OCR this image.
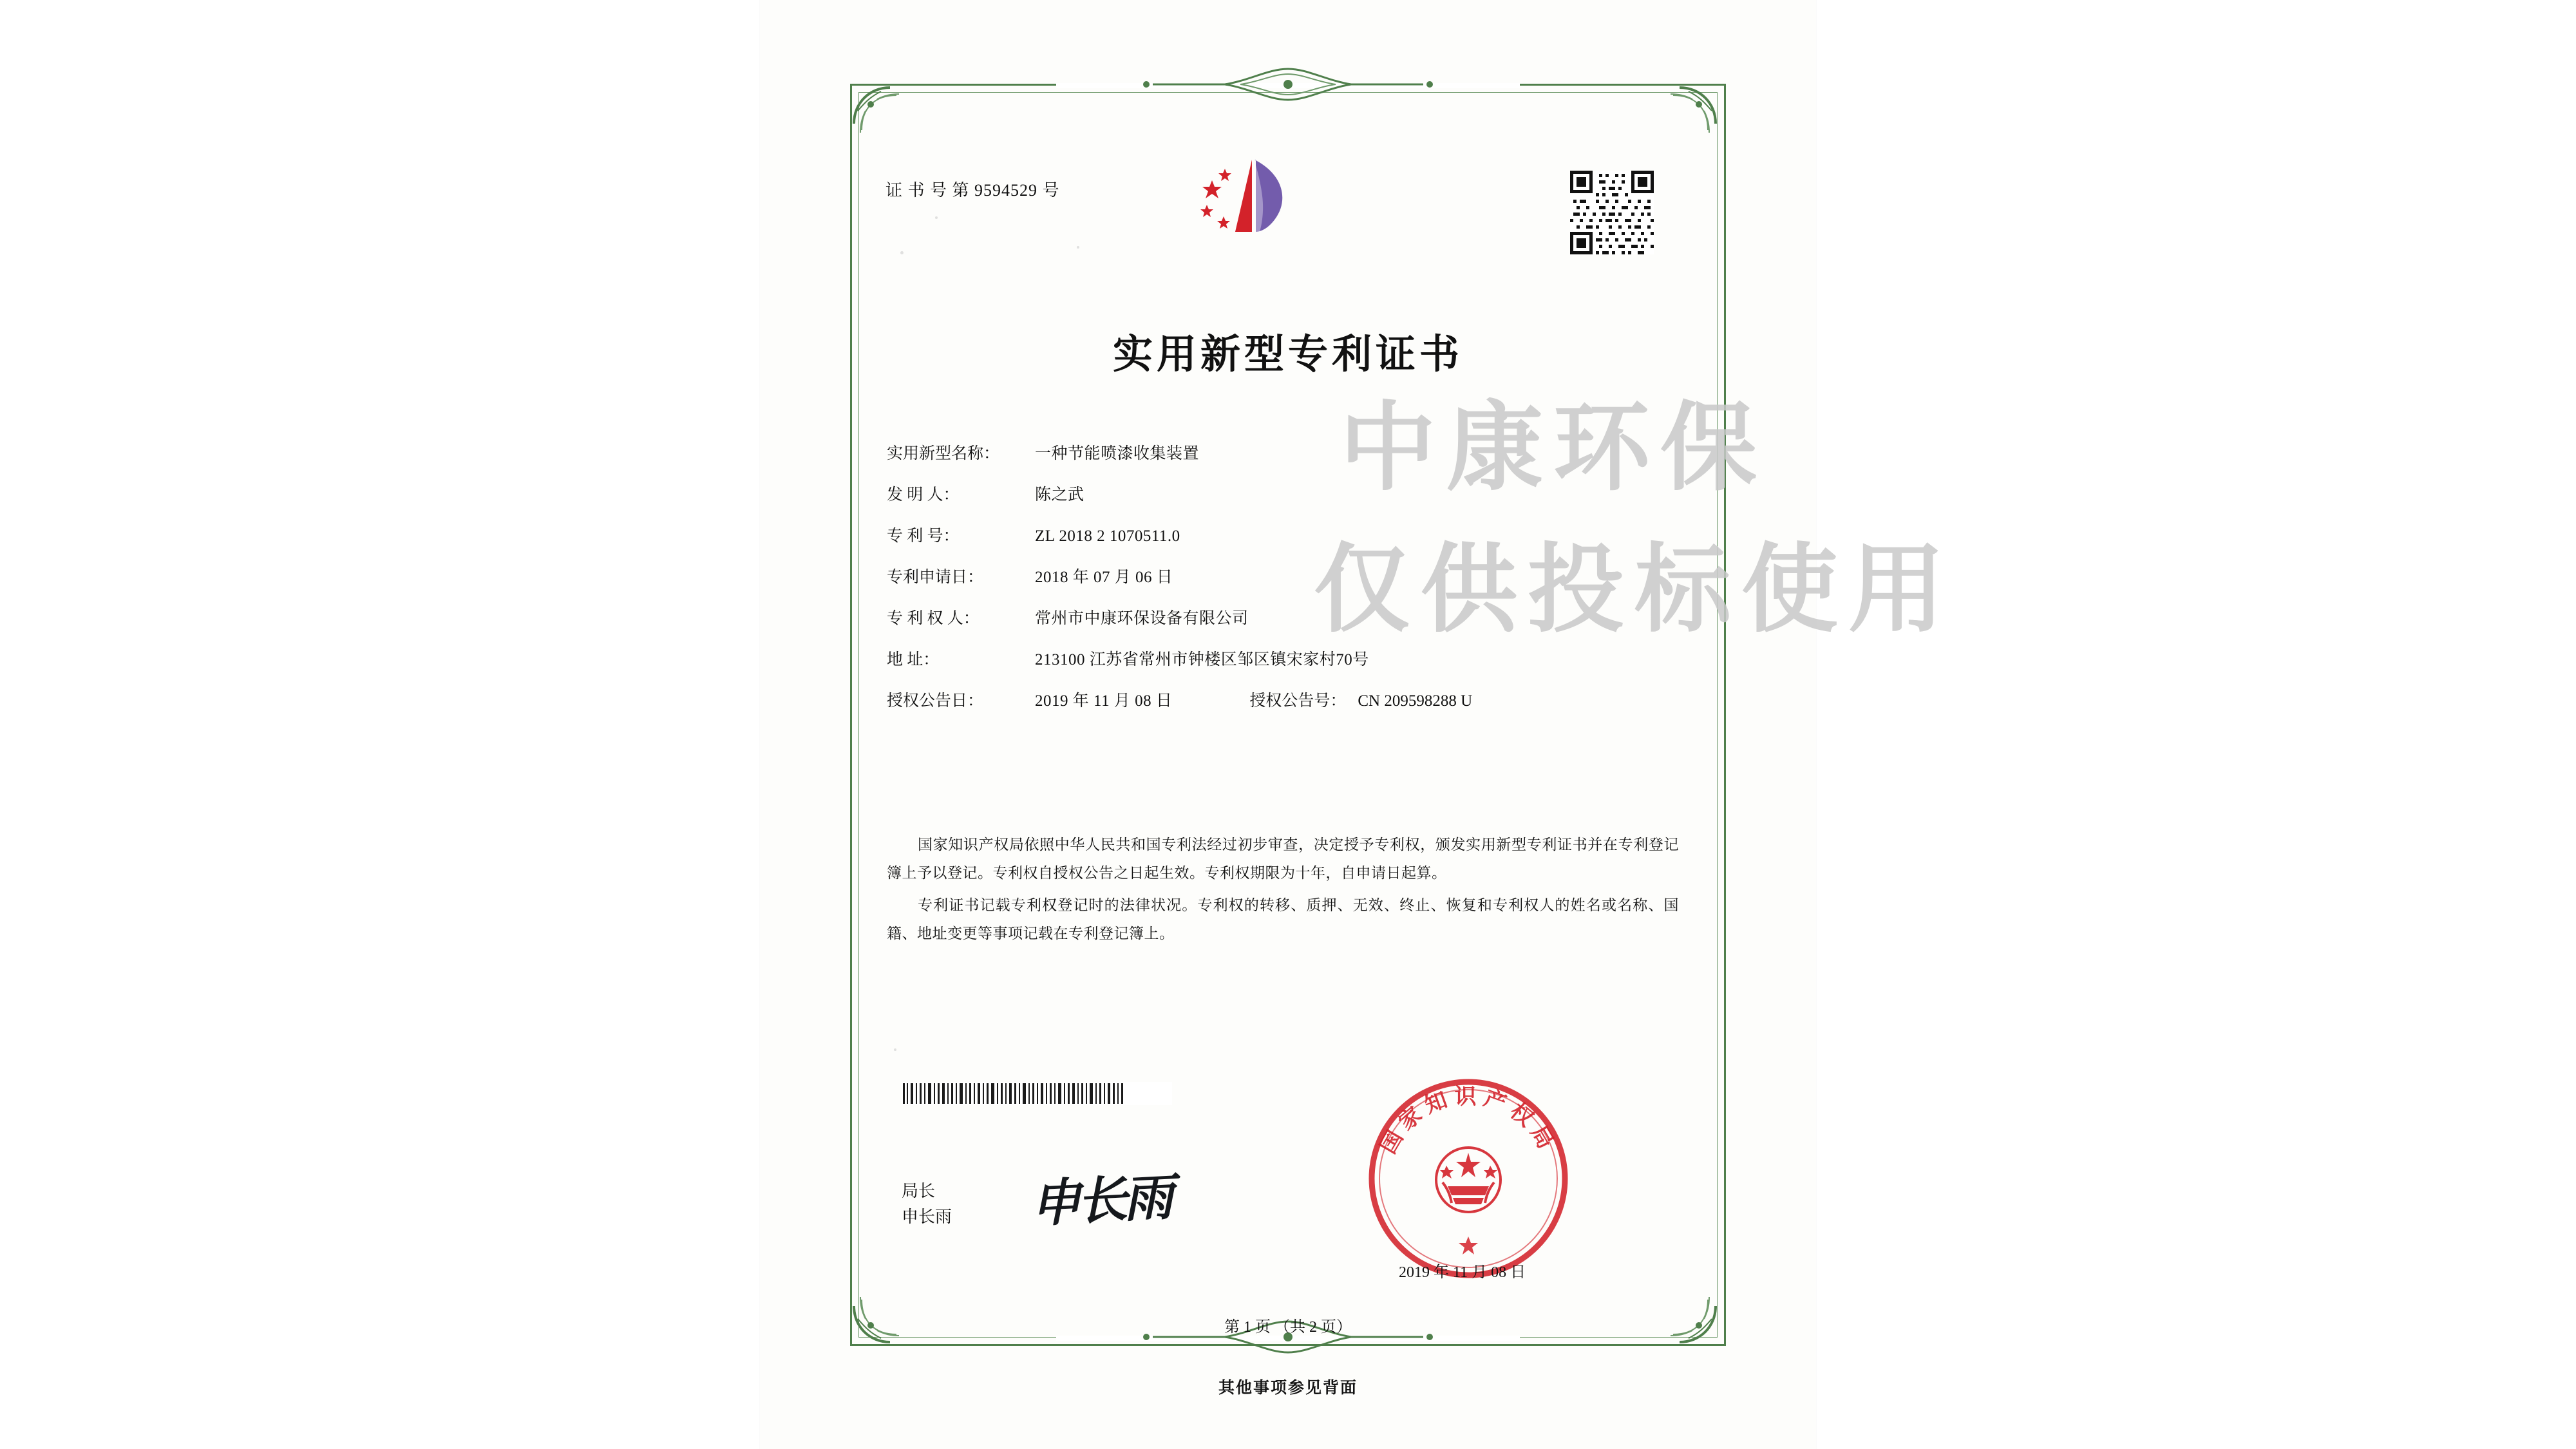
证 书 号 第 9594529 号
实用新型专利证书
实用新型名称：	一种节能喷漆收集装置
发 明 人：	陈之武
专 利 号：	ZL 2018 2 1070511.0
专利申请日：	2018 年 07 月 06 日
专 利 权 人：	常州市中康环保设备有限公司
地 址：	213100 江苏省常州市钟楼区邹区镇宋家村70号
授权公告日：	2019 年 11 月 08 日	授权公告号： CN 209598288 U

国家知识产权局依照中华人民共和国专利法经过初步审查，决定授予专利权，颁发实用新型专利证书并在专利登记簿上予以登记。专利权自授权公告之日起生效。专利权期限为十年，自申请日起算。

专利证书记载专利权登记时的法律状况。专利权的转移、质押、无效、终止、恢复和专利权人的姓名或名称、国籍、地址变更等事项记载在专利登记簿上。

局长
申长雨 申长雨
国家知识产权局
2019 年 11 月 08 日
第 1 页 （共 2 页）
其他事项参见背面
中康环保
仅供投标使用
